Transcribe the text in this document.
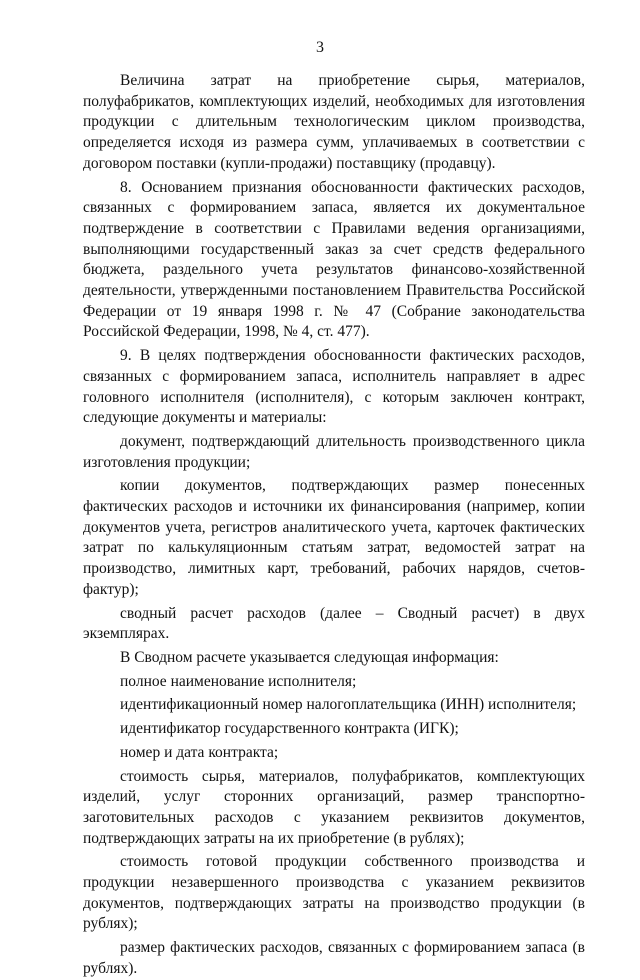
3

Величина затрат на приобретение сырья, материалов, полуфабрикатов, комплектующих изделий, необходимых для изготовления продукции с длительным технологическим циклом производства, определяется исходя из размера сумм, уплачиваемых в соответствии с договором поставки (купли-продажи) поставщику (продавцу).

8. Основанием признания обоснованности фактических расходов, связанных с формированием запаса, является их документальное подтверждение в соответствии с Правилами ведения организациями, выполняющими государственный заказ за счет средств федерального бюджета, раздельного учета результатов финансово-хозяйственной деятельности, утвержденными постановлением Правительства Российской Федерации от 19 января 1998 г. № 47 (Собрание законодательства Российской Федерации, 1998, № 4, ст. 477).

9. В целях подтверждения обоснованности фактических расходов, связанных с формированием запаса, исполнитель направляет в адрес головного исполнителя (исполнителя), с которым заключен контракт, следующие документы и материалы:

документ, подтверждающий длительность производственного цикла изготовления продукции;

копии документов, подтверждающих размер понесенных фактических расходов и источники их финансирования (например, копии документов учета, регистров аналитического учета, карточек фактических затрат по калькуляционным статьям затрат, ведомостей затрат на производство, лимитных карт, требований, рабочих нарядов, счетов-фактур);

сводный расчет расходов (далее – Сводный расчет) в двух экземплярах.

В Сводном расчете указывается следующая информация:

полное наименование исполнителя;

идентификационный номер налогоплательщика (ИНН) исполнителя;

идентификатор государственного контракта (ИГК);

номер и дата контракта;

стоимость сырья, материалов, полуфабрикатов, комплектующих изделий, услуг сторонних организаций, размер транспортно-заготовительных расходов с указанием реквизитов документов, подтверждающих затраты на их приобретение (в рублях);

стоимость готовой продукции собственного производства и продукции незавершенного производства с указанием реквизитов документов, подтверждающих затраты на производство продукции (в рублях);

размер фактических расходов, связанных с формированием запаса (в рублях).
